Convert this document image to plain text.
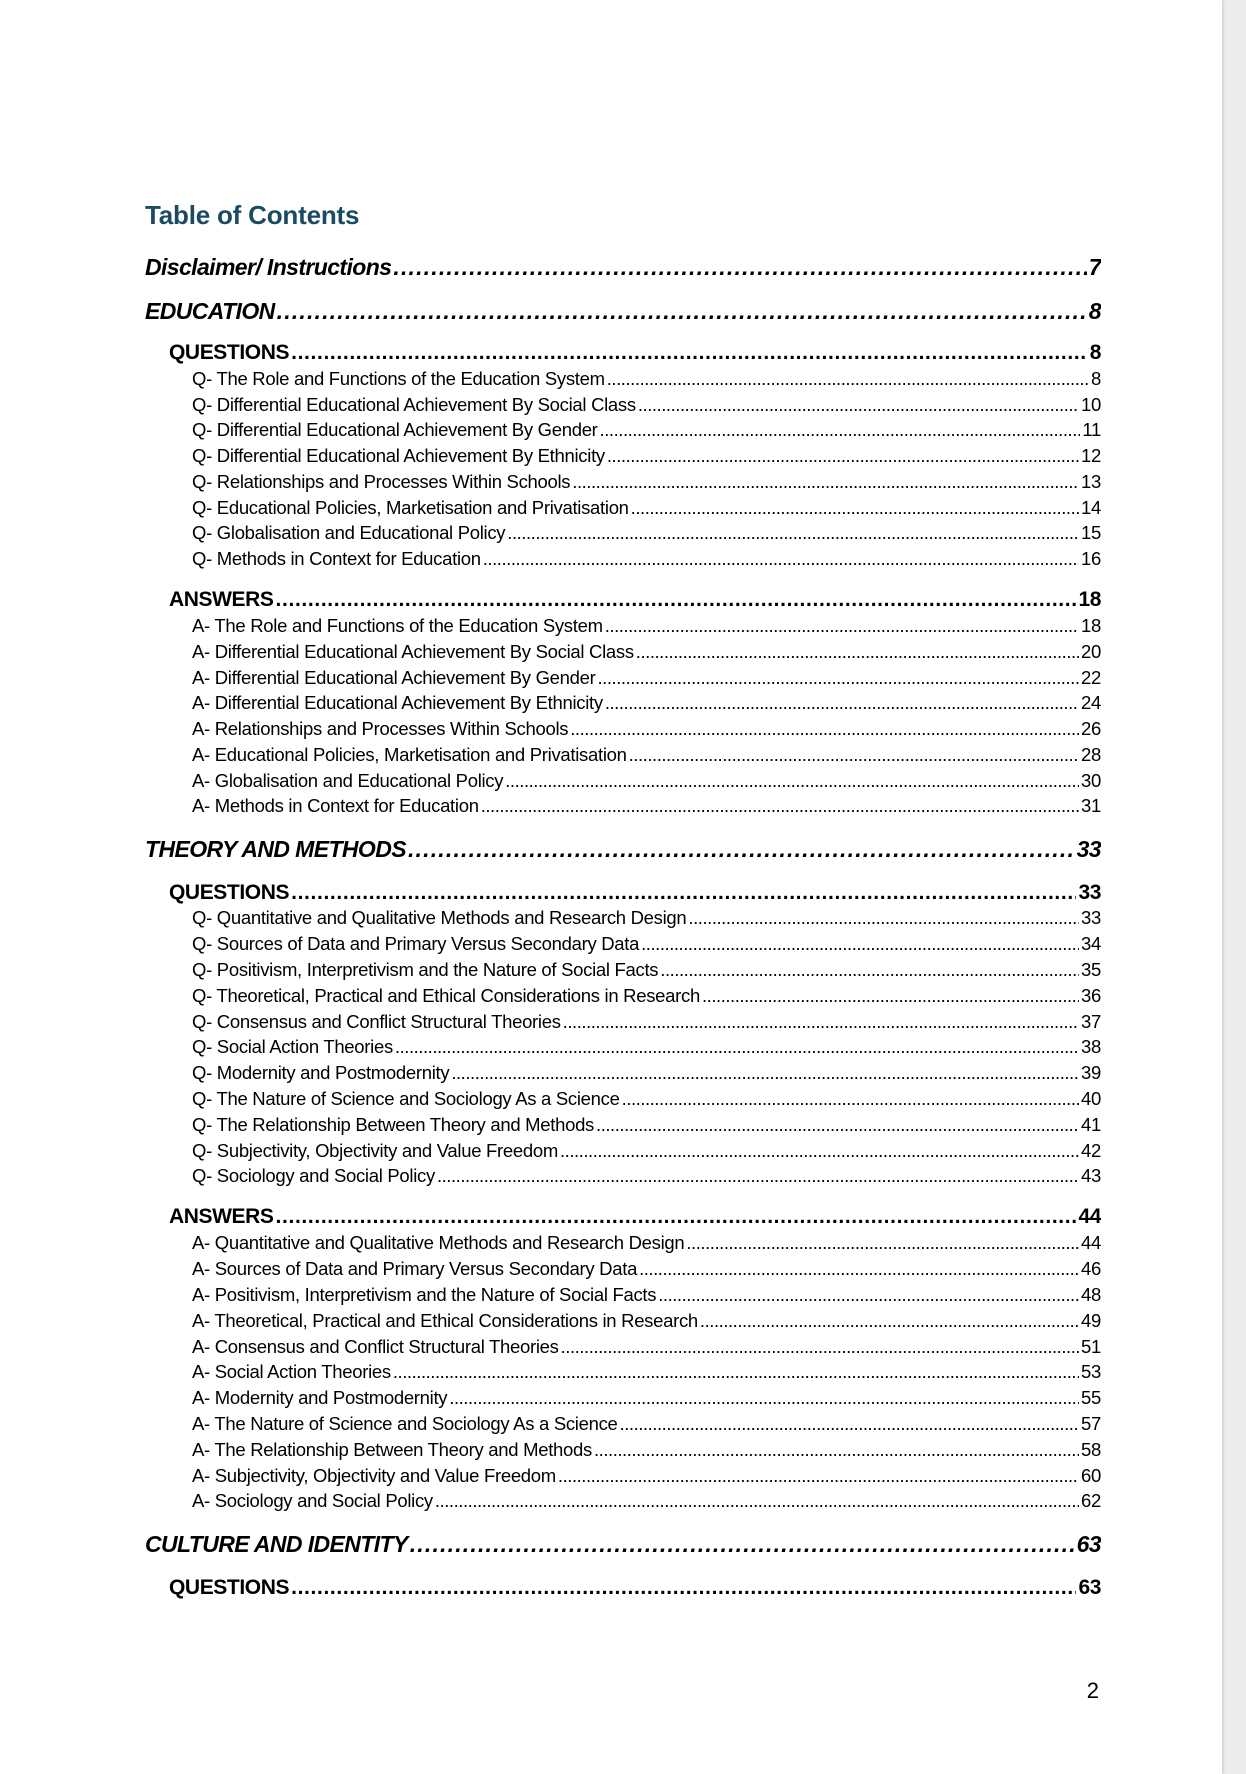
Table of Contents
Disclaimer/ Instructions . . .	7
EDUCATION . . .	8
QUESTIONS . . .	8
Q- The Role and Functions of the Education System . . .	8
Q- Differential Educational Achievement By Social Class . . .	10
Q- Differential Educational Achievement By Gender . . .	11
Q- Differential Educational Achievement By Ethnicity . . .	12
Q- Relationships and Processes Within Schools . . .	13
Q- Educational Policies, Marketisation and Privatisation . . .	14
Q- Globalisation and Educational Policy . . .	15
Q- Methods in Context for Education . . .	16
ANSWERS . . .	18
A- The Role and Functions of the Education System . . .	18
A- Differential Educational Achievement By Social Class . . .	20
A- Differential Educational Achievement By Gender . . .	22
A- Differential Educational Achievement By Ethnicity . . .	24
A- Relationships and Processes Within Schools . . .	26
A- Educational Policies, Marketisation and Privatisation . . .	28
A- Globalisation and Educational Policy . . .	30
A- Methods in Context for Education . . .	31
THEORY AND METHODS . . .	33
QUESTIONS . . .	33
Q- Quantitative and Qualitative Methods and Research Design . . .	33
Q- Sources of Data and Primary Versus Secondary Data . . .	34
Q- Positivism, Interpretivism and the Nature of Social Facts . . .	35
Q- Theoretical, Practical and Ethical Considerations in Research . . .	36
Q- Consensus and Conflict Structural Theories . . .	37
Q- Social Action Theories . . .	38
Q- Modernity and Postmodernity . . .	39
Q- The Nature of Science and Sociology As a Science . . .	40
Q- The Relationship Between Theory and Methods . . .	41
Q- Subjectivity, Objectivity and Value Freedom . . .	42
Q- Sociology and Social Policy . . .	43
ANSWERS . . .	44
A- Quantitative and Qualitative Methods and Research Design . . .	44
A- Sources of Data and Primary Versus Secondary Data . . .	46
A- Positivism, Interpretivism and the Nature of Social Facts . . .	48
A- Theoretical, Practical and Ethical Considerations in Research . . .	49
A- Consensus and Conflict Structural Theories . . .	51
A- Social Action Theories . . .	53
A- Modernity and Postmodernity . . .	55
A- The Nature of Science and Sociology As a Science . . .	57
A- The Relationship Between Theory and Methods . . .	58
A- Subjectivity, Objectivity and Value Freedom . . .	60
A- Sociology and Social Policy . . .	62
CULTURE AND IDENTITY . . .	63
QUESTIONS . . .	63
2
